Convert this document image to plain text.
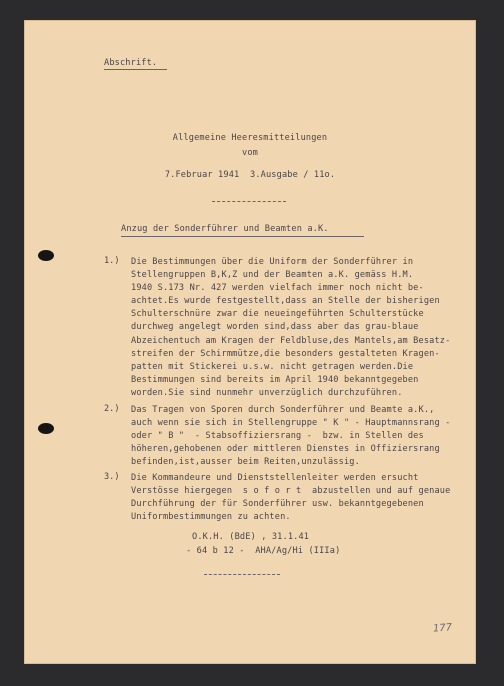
Abschrift.
Allgemeine Heeresmitteilungen
vom
7.Februar 1941  3.Ausgabe / 11o.
Anzug der Sonderführer und Beamten a.K.
1.) Die Bestimmungen über die Uniform der Sonderführer in
Stellengruppen B,K,Z und der Beamten a.K. gemäss H.M.
1940 S.173 Nr. 427 werden vielfach immer noch nicht be-
achtet.Es wurde festgestellt,dass an Stelle der bisherigen
Schulterschnüre zwar die neueingeführten Schulterstücke
durchweg angelegt worden sind,dass aber das grau-blaue
Abzeichentuch am Kragen der Feldbluse,des Mantels,am Besatz-
streifen der Schirmmütze,die besonders gestalteten Kragen-
patten mit Stickerei u.s.w. nicht getragen werden.Die
Bestimmungen sind bereits im April 1940 bekanntgegeben
worden.Sie sind nunmehr unverzüglich durchzuführen.
2.) Das Tragen von Sporen durch Sonderführer und Beamte a.K.,
auch wenn sie sich in Stellengruppe " K " - Hauptmannsrang -
oder " B "  - Stabsoffiziersrang -  bzw. in Stellen des
höheren,gehobenen oder mittleren Dienstes in Offiziersrang
befinden,ist,ausser beim Reiten,unzulässig.
3.) Die Kommandeure und Dienststellenleiter werden ersucht
Verstösse hiergegen  s o f o r t  abzustellen und auf genaue
Durchführung der für Sonderführer usw. bekanntgegebenen
Uniformbestimmungen zu achten.
O.K.H. (BdE) , 31.1.41
- 64 b 12 -  AHA/Ag/Hi (IIIa)
177
